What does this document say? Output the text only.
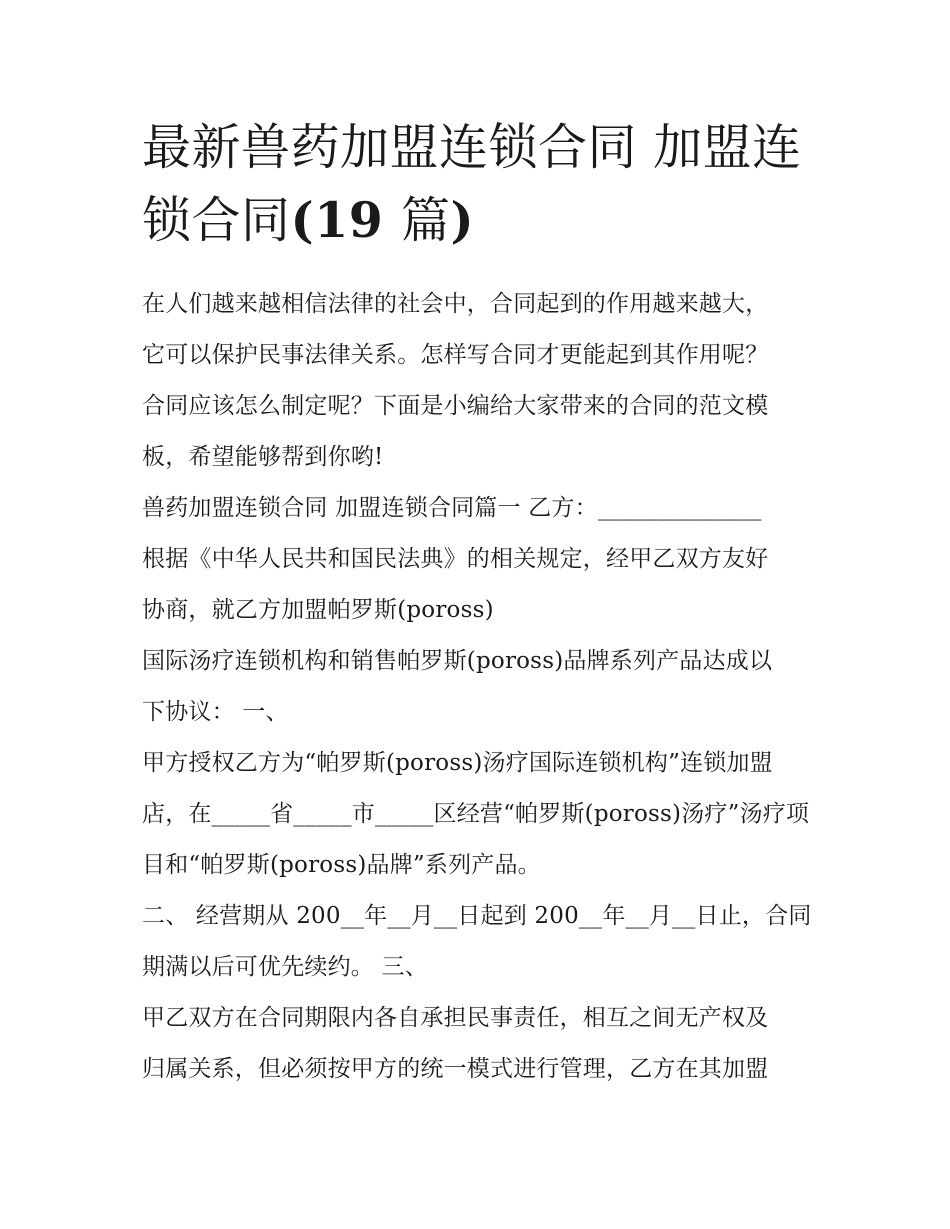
最新兽药加盟连锁合同 加盟连
锁合同(19 篇)
在人们越来越相信法律的社会中，合同起到的作用越来越大，
它可以保护民事法律关系。怎样写合同才更能起到其作用呢？
合同应该怎么制定呢？下面是小编给大家带来的合同的范文模
板，希望能够帮到你哟!
兽药加盟连锁合同 加盟连锁合同篇一 乙方：______________
根据《中华人民共和国民法典》的相关规定，经甲乙双方友好
协商，就乙方加盟帕罗斯(poross)
国际汤疗连锁机构和销售帕罗斯(poross)品牌系列产品达成以
下协议： 一、
甲方授权乙方为“帕罗斯(poross)汤疗国际连锁机构”连锁加盟
店，在_____省_____市_____区经营“帕罗斯(poross)汤疗”汤疗项
目和“帕罗斯(poross)品牌”系列产品。
二、 经营期从 200__年__月__日起到 200__年__月__日止，合同
期满以后可优先续约。 三、
甲乙双方在合同期限内各自承担民事责任，相互之间无产权及
归属关系，但必须按甲方的统一模式进行管理，乙方在其加盟
